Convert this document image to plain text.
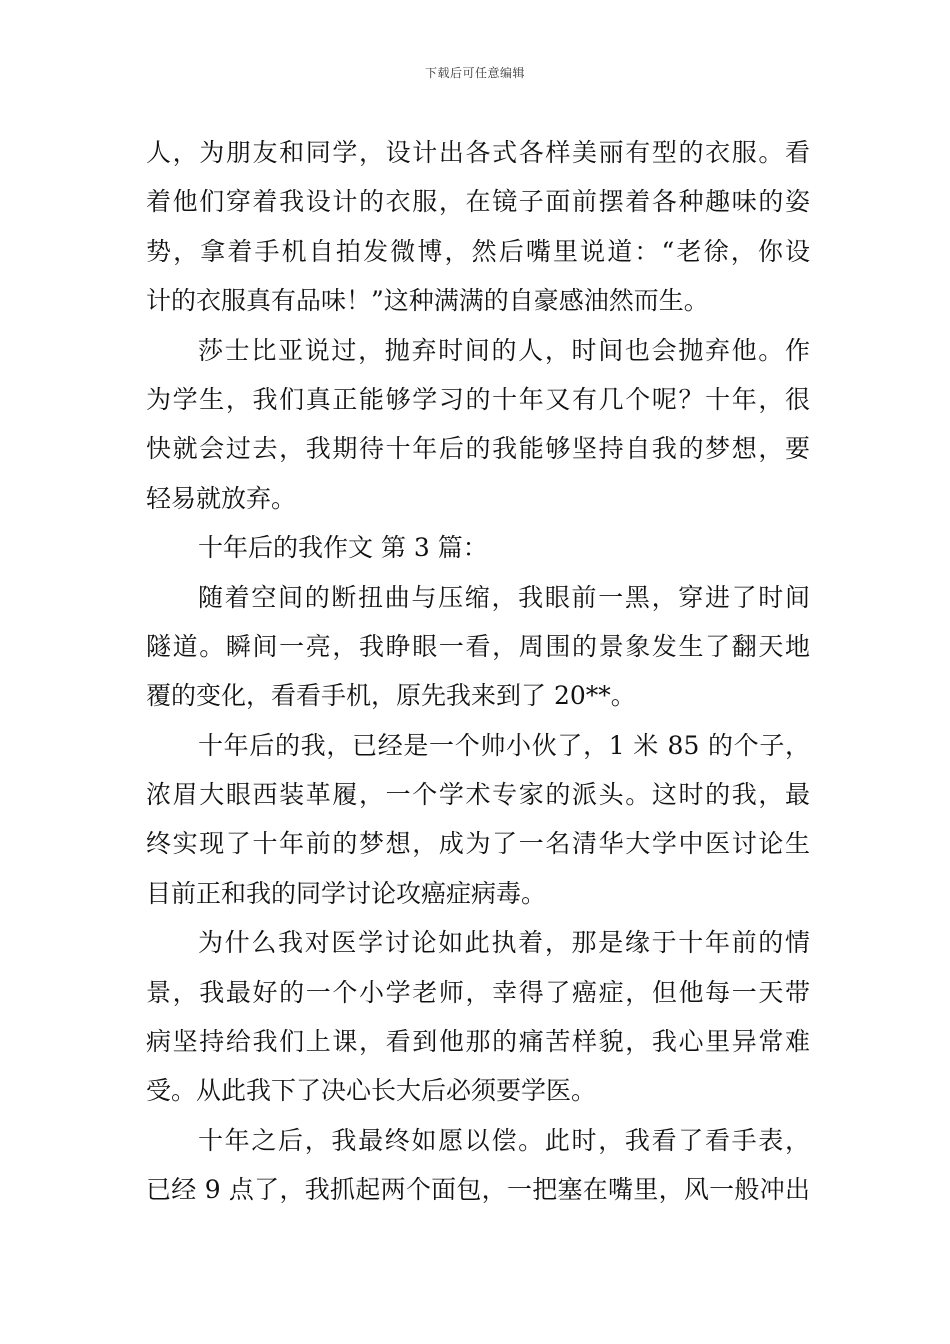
下载后可任意编辑
人，为朋友和同学，设计出各式各样美丽有型的衣服。看
着他们穿着我设计的衣服，在镜子面前摆着各种趣味的姿
势，拿着手机自拍发微博，然后嘴里说道：“老徐，你设
计的衣服真有品味！”这种满满的自豪感油然而生。
莎士比亚说过，抛弃时间的人，时间也会抛弃他。作
为学生，我们真正能够学习的十年又有几个呢？十年，很
快就会过去，我期待十年后的我能够坚持自我的梦想，要
轻易就放弃。
十年后的我作文 第 3 篇：
随着空间的断扭曲与压缩，我眼前一黑，穿进了时间
隧道。瞬间一亮，我睁眼一看，周围的景象发生了翻天地
覆的变化，看看手机，原先我来到了 20**。
十年后的我，已经是一个帅小伙了，1 米 85 的个子，
浓眉大眼西装革履，一个学术专家的派头。这时的我，最
终实现了十年前的梦想，成为了一名清华大学中医讨论生
目前正和我的同学讨论攻癌症病毒。
为什么我对医学讨论如此执着，那是缘于十年前的情
景，我最好的一个小学老师，幸得了癌症，但他每一天带
病坚持给我们上课，看到他那的痛苦样貌，我心里异常难
受。从此我下了决心长大后必须要学医。
十年之后，我最终如愿以偿。此时，我看了看手表，
已经 9 点了，我抓起两个面包，一把塞在嘴里，风一般冲出
